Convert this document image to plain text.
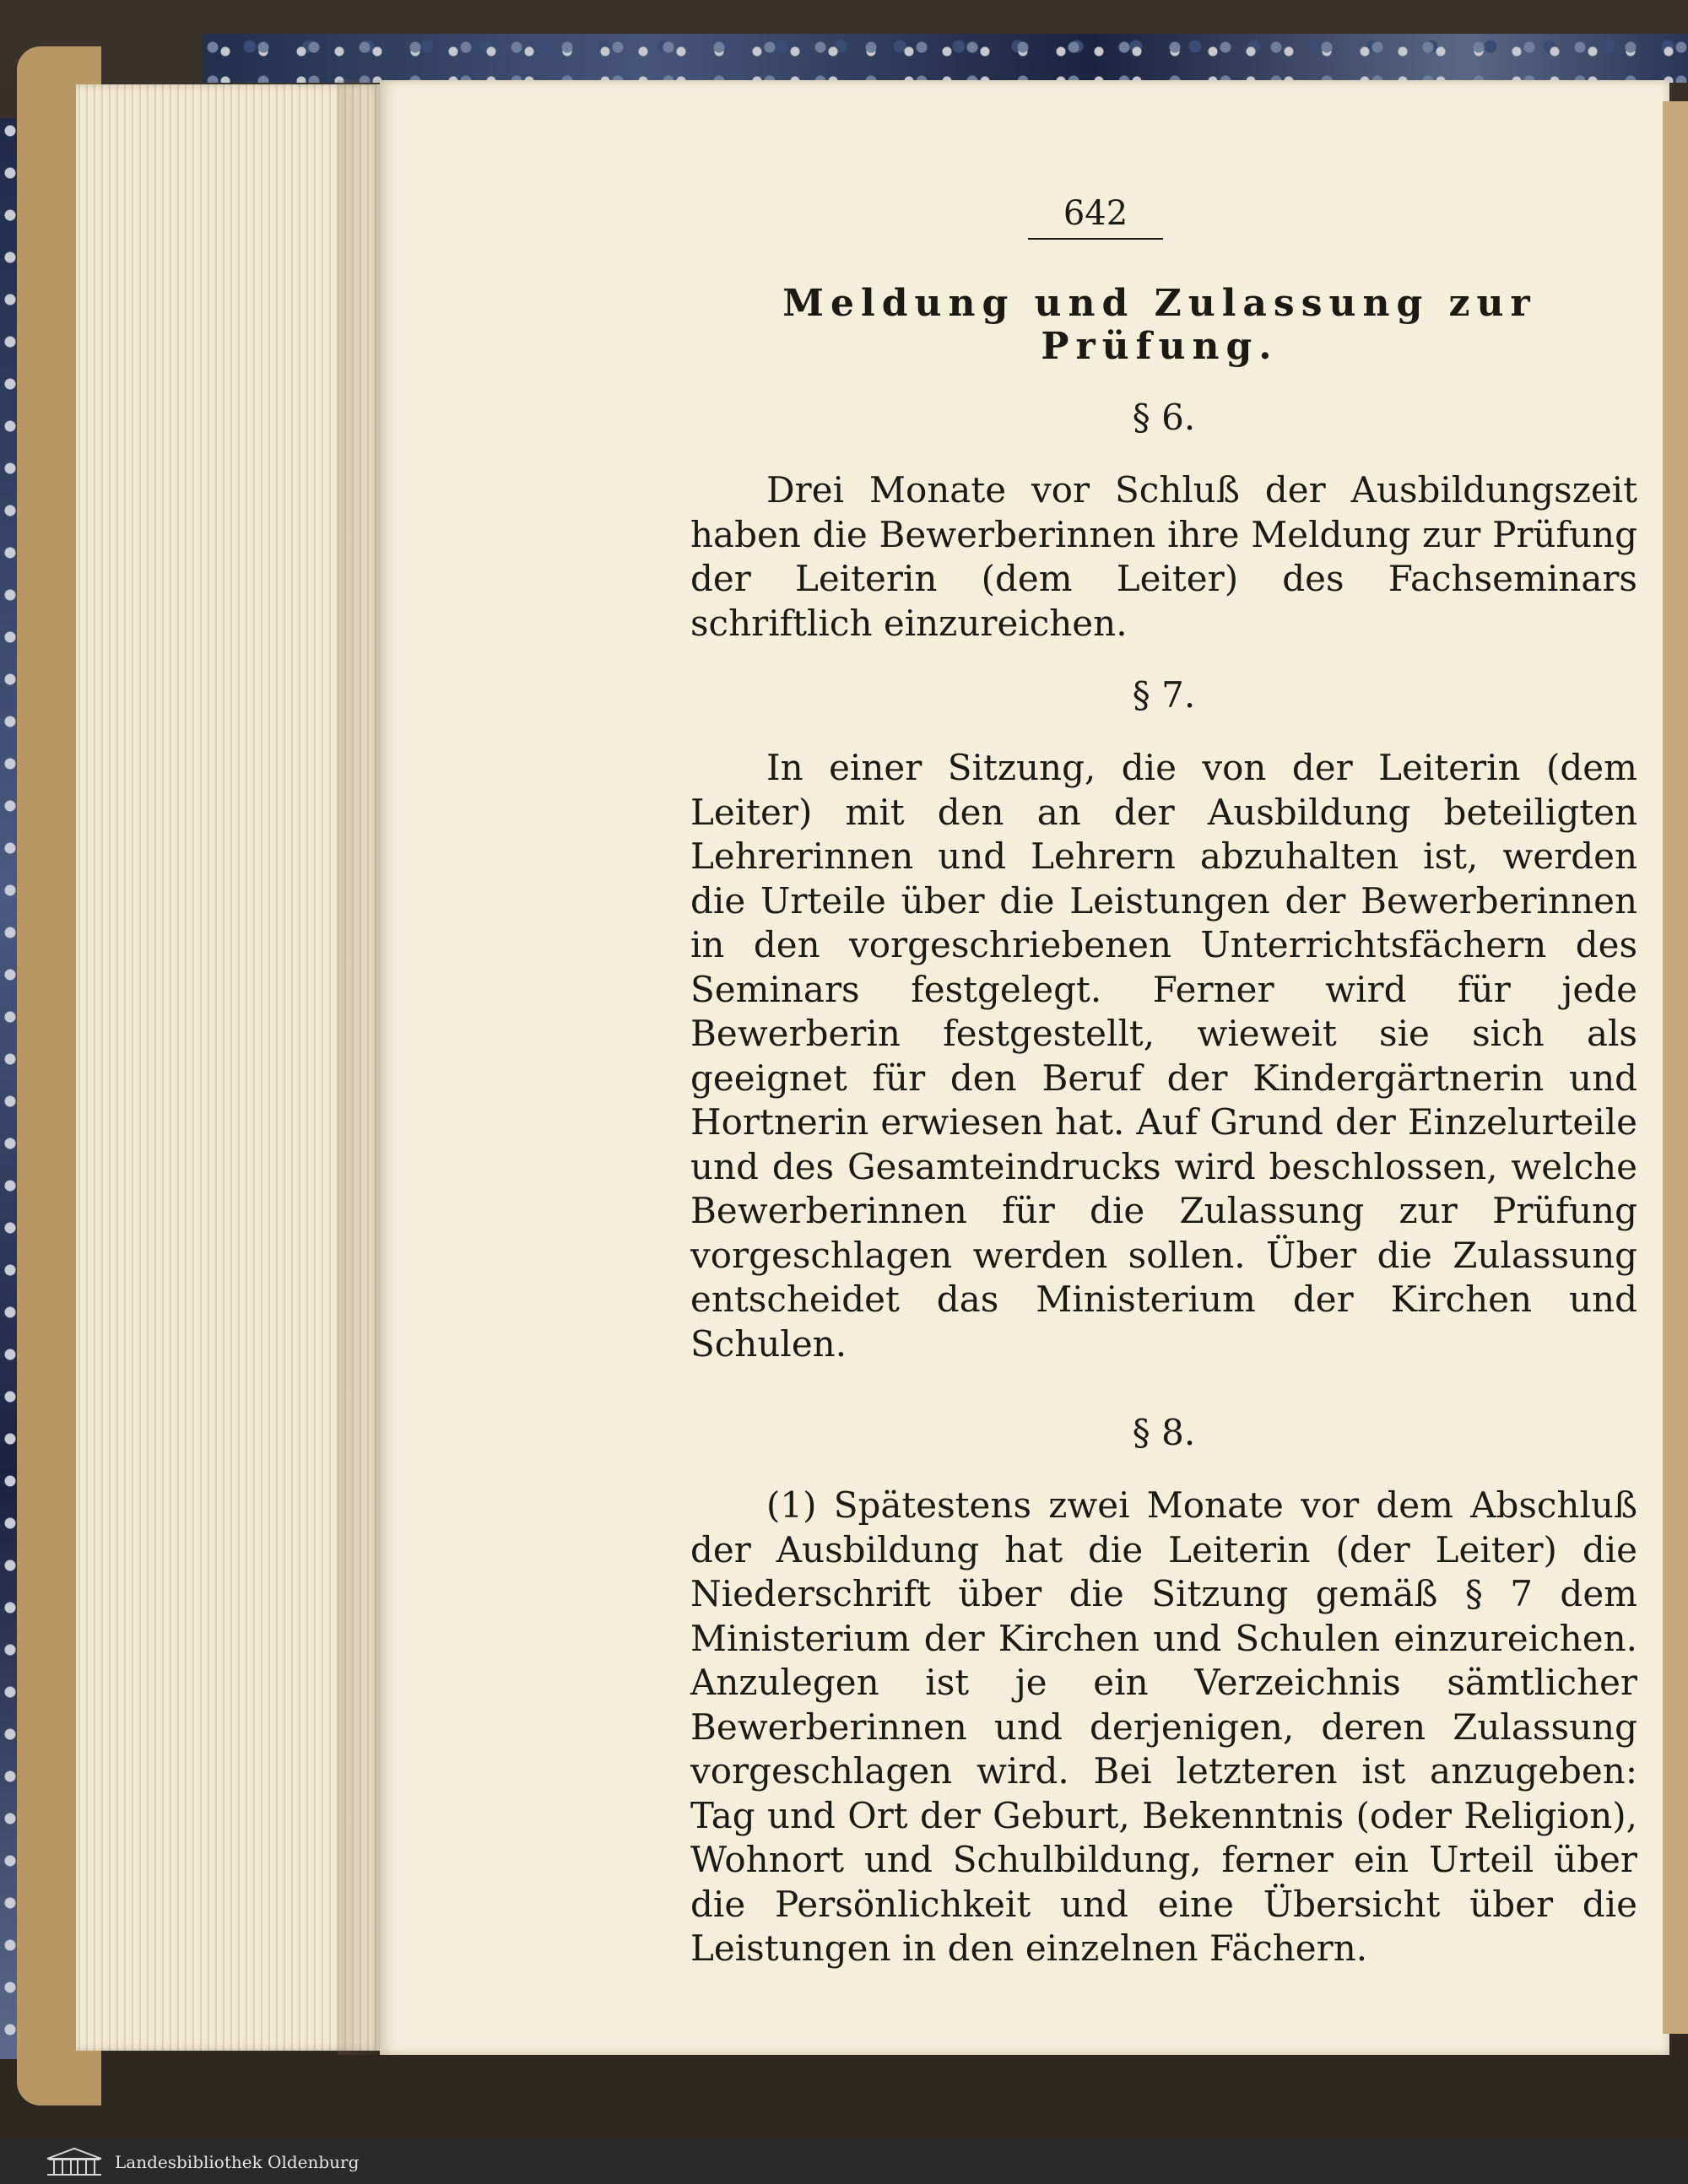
642
Meldung und Zulassung zur Prüfung.
§ 6.

Drei Monate vor Schluß der Ausbildungszeit haben die Bewerberinnen ihre Meldung zur Prüfung der Leiterin (dem Leiter) des Fachseminars schriftlich einzureichen.

§ 7.

In einer Sitzung, die von der Leiterin (dem Leiter) mit den an der Ausbildung beteiligten Lehrerinnen und Lehrern abzuhalten ist, werden die Urteile über die Leistungen der Bewerberinnen in den vorgeschriebenen Unterrichtsfächern des Seminars festgelegt. Ferner wird für jede Bewerberin festgestellt, wieweit sie sich als geeignet für den Beruf der Kindergärtnerin und Hortnerin erwiesen hat. Auf Grund der Einzelurteile und des Gesamteindrucks wird beschlossen, welche Bewerberinnen für die Zulassung zur Prüfung vorgeschlagen werden sollen. Über die Zulassung entscheidet das Ministerium der Kirchen und Schulen.

§ 8.

(1) Spätestens zwei Monate vor dem Abschluß der Ausbildung hat die Leiterin (der Leiter) die Niederschrift über die Sitzung gemäß § 7 dem Ministerium der Kirchen und Schulen einzureichen. Anzulegen ist je ein Verzeichnis sämtlicher Bewerberinnen und derjenigen, deren Zulassung vorgeschlagen wird. Bei letzteren ist anzugeben: Tag und Ort der Geburt, Bekenntnis (oder Religion), Wohnort und Schulbildung, ferner ein Urteil über die Persönlichkeit und eine Übersicht über die Leistungen in den einzelnen Fächern.

Landesbibliothek Oldenburg
